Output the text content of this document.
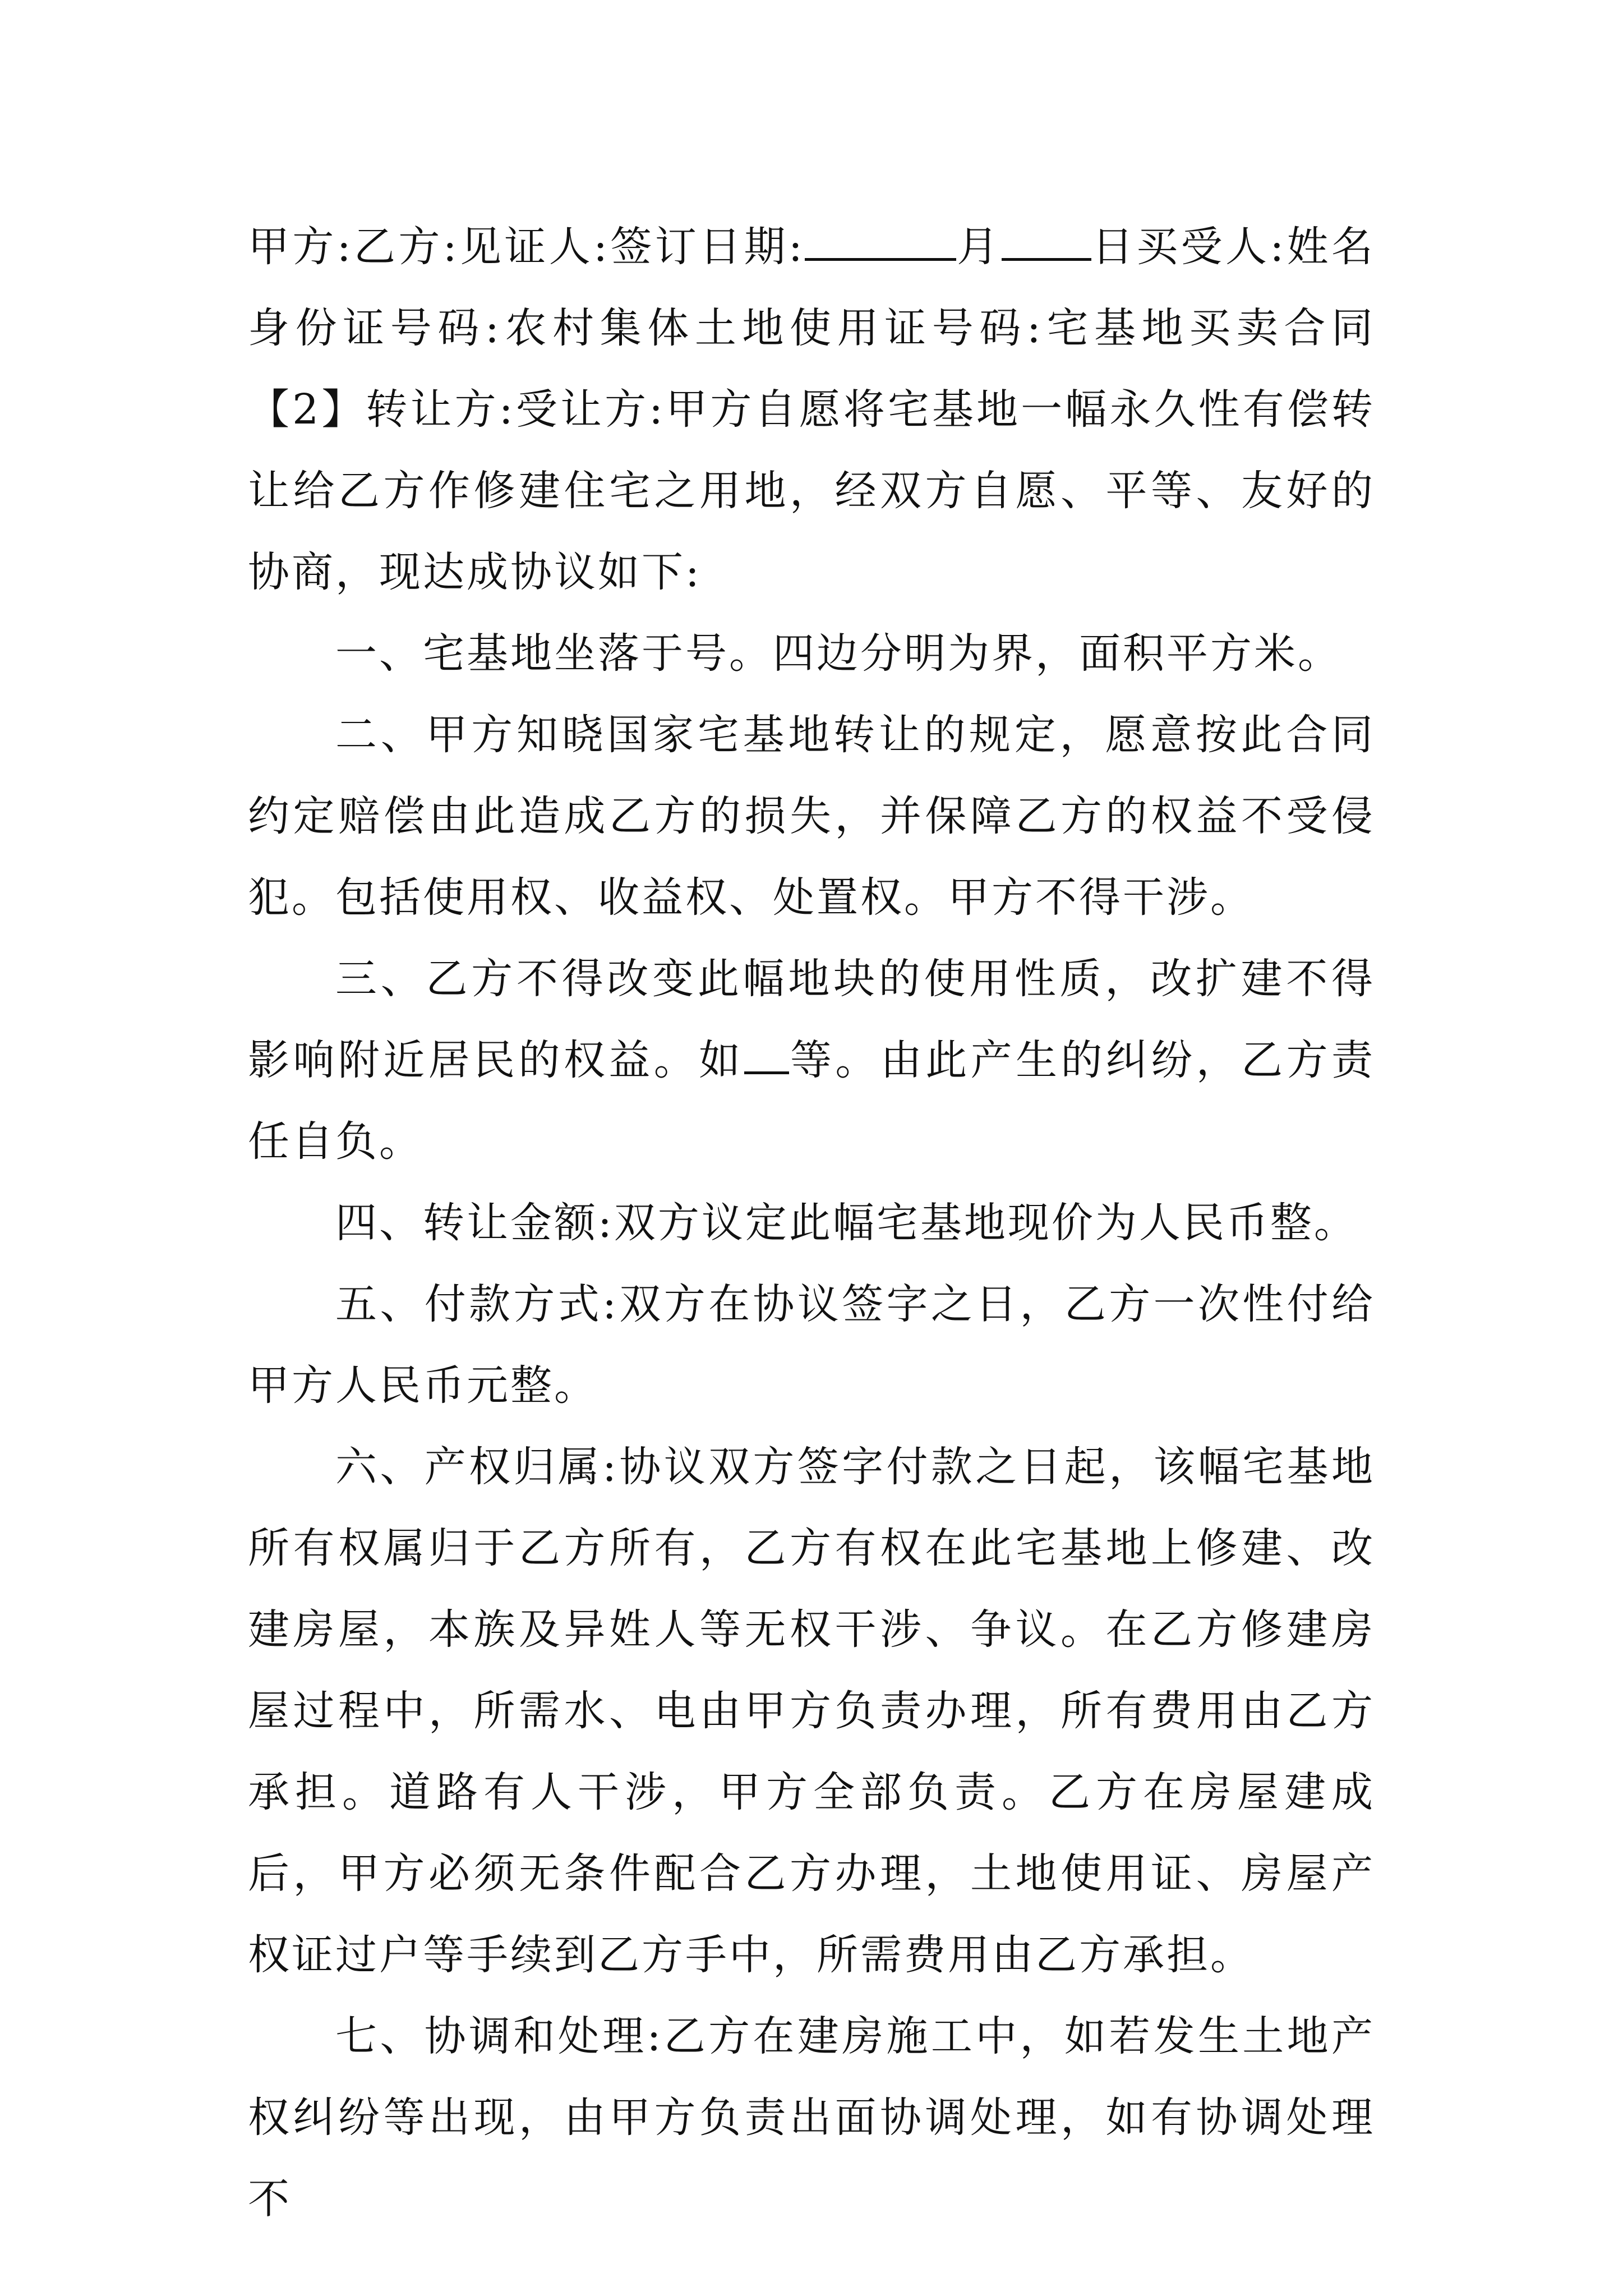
甲方:乙方:见证人:签订日期:	月 日买受人:姓名身份证号码:农村集体土地使用证号码:宅基地买卖合同【2】转让方:受让方:甲方自愿将宅基地一幅永久性有偿转让给乙方作修建住宅之用地，经双方自愿、平等、友好的协商，现达成协议如下:

一、宅基地坐落于号。四边分明为界，面积平方米。

二、甲方知晓国家宅基地转让的规定，愿意按此合同约定赔偿由此造成乙方的损失，并保障乙方的权益不受侵犯。包括使用权、收益权、处置权。甲方不得干涉。

三、乙方不得改变此幅地块的使用性质，改扩建不得影响附近居民的权益。如 等。由此产生的纠纷，乙方责任自负。

四、转让金额:双方议定此幅宅基地现价为人民币整。

五、付款方式:双方在协议签字之日，乙方一次性付给甲方人民币元整。

六、产权归属:协议双方签字付款之日起，该幅宅基地所有权属归于乙方所有，乙方有权在此宅基地上修建、改建房屋，本族及异姓人等无权干涉、争议。在乙方修建房屋过程中，所需水、电由甲方负责办理，所有费用由乙方承担。道路有人干涉，甲方全部负责。乙方在房屋建成后，甲方必须无条件配合乙方办理，土地使用证、房屋产权证过户等手续到乙方手中，所需费用由乙方承担。

七、协调和处理:乙方在建房施工中，如若发生土地产权纠纷等出现，由甲方负责出面协调处理，如有协调处理不
